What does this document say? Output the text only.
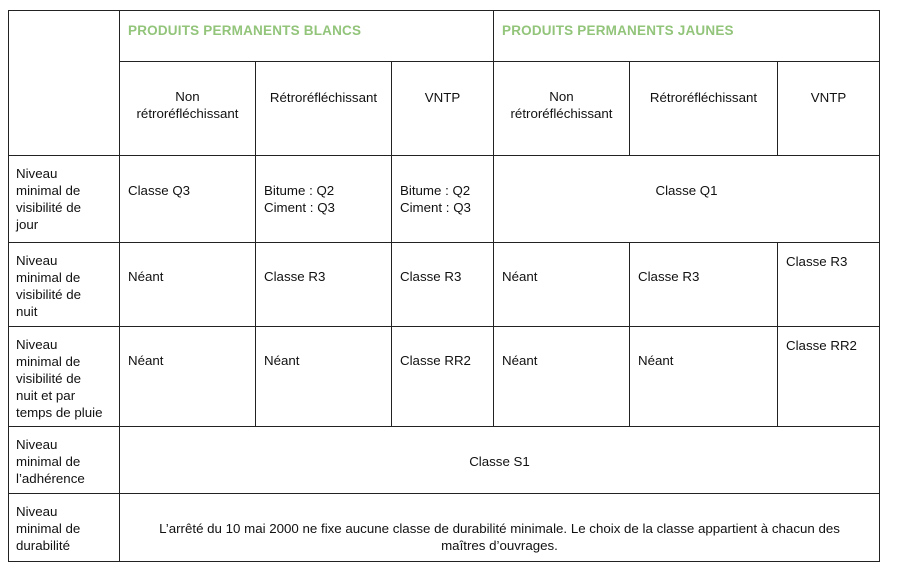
	PRODUITS PERMANENTS BLANCS			PRODUITS PERMANENTS JAUNES		

	Non
rétroréfléchissant	Rétroréfléchissant	VNTP	Non
rétroréfléchissant	Rétroréfléchissant	VNTP

Niveau
minimal de
visibilité de
jour	Classe Q3	Bitume : Q2
Ciment : Q3	Bitume : Q2
Ciment : Q3	Classe Q1		

Niveau
minimal de
visibilité de
nuit	Néant	Classe R3	Classe R3	Néant	Classe R3	Classe R3

Niveau
minimal de
visibilité de
nuit et par
temps de pluie	Néant	Néant	Classe RR2	Néant	Néant	Classe RR2

Niveau
minimal de
l’adhérence	Classe S1					

Niveau
minimal de
durabilité	L’arrêté du 10 mai 2000 ne fixe aucune classe de durabilité minimale. Le choix de la classe appartient à chacun des
maîtres d’ouvrages.					
